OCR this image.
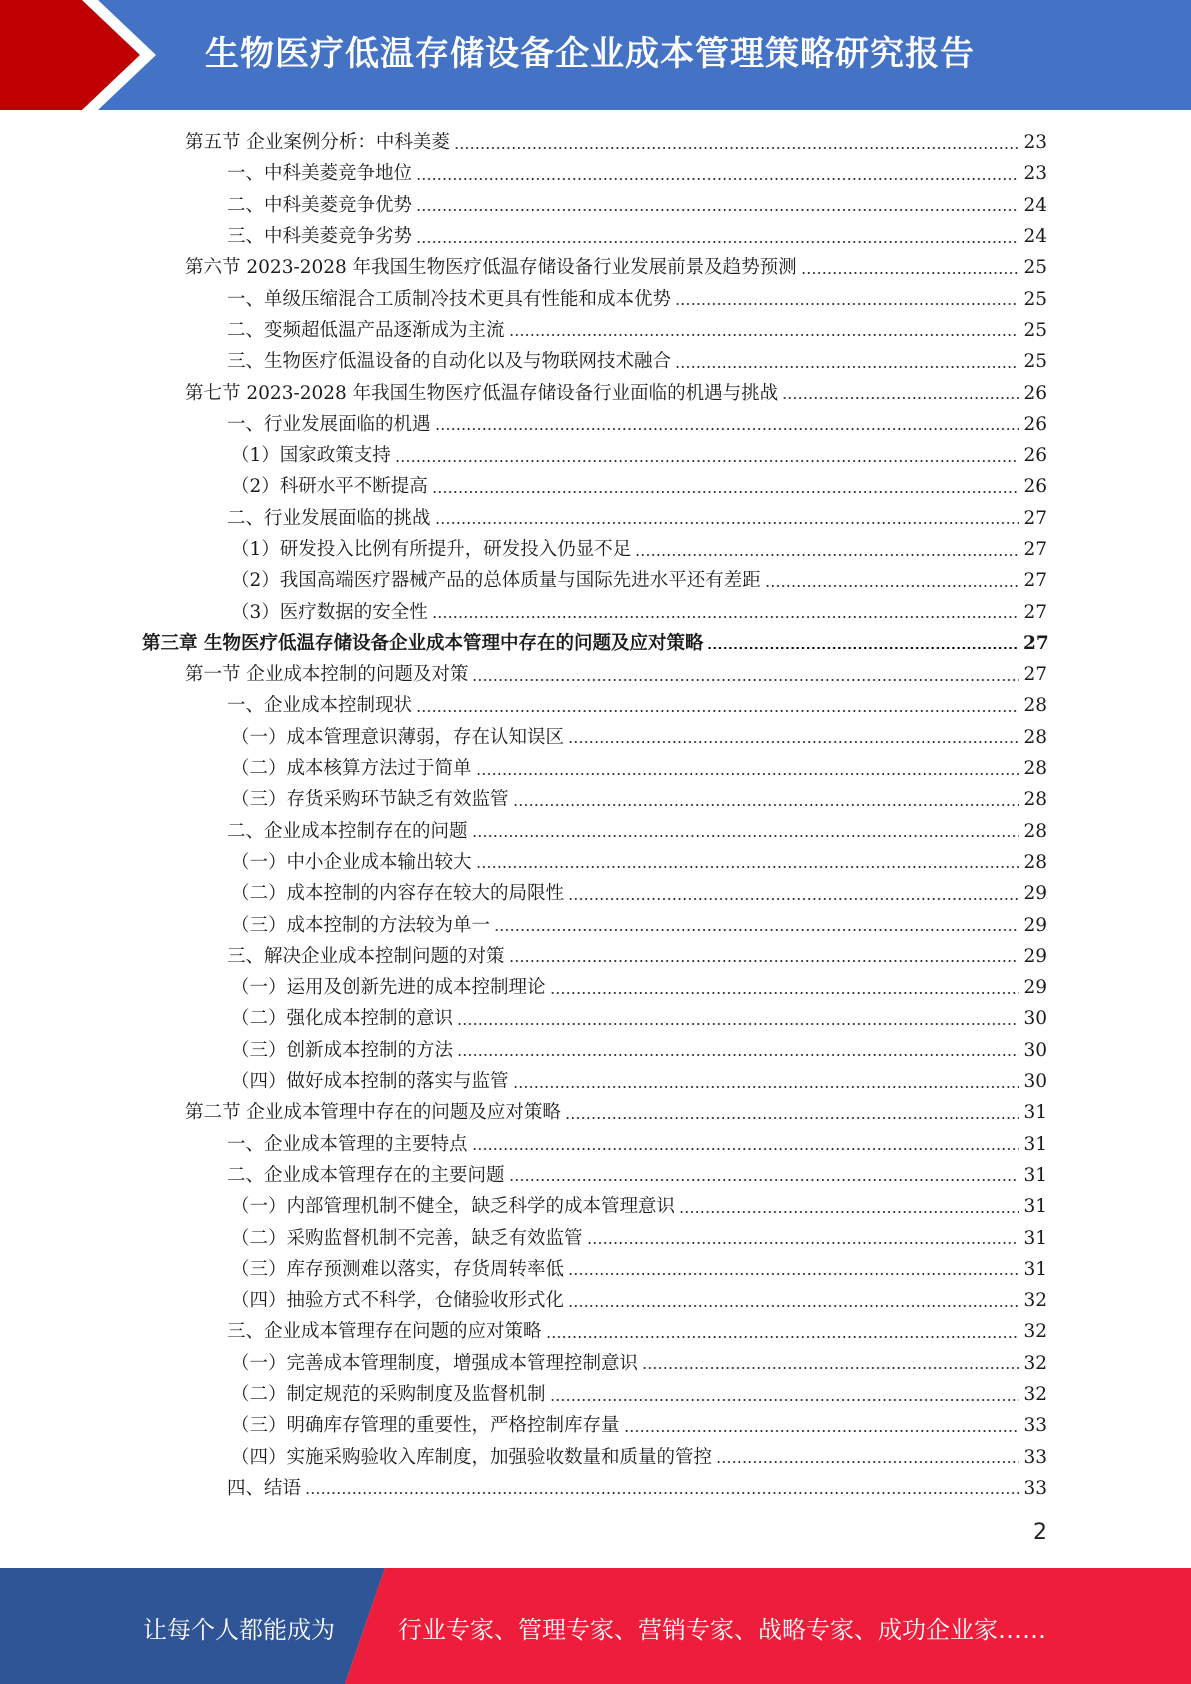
生物医疗低温存储设备企业成本管理策略研究报告
第五节 企业案例分析：中科美菱	23
一、中科美菱竞争地位	23
二、中科美菱竞争优势	24
三、中科美菱竞争劣势	24
第六节 2023-2028 年我国生物医疗低温存储设备行业发展前景及趋势预测	25
一、单级压缩混合工质制冷技术更具有性能和成本优势	25
二、变频超低温产品逐渐成为主流	25
三、生物医疗低温设备的自动化以及与物联网技术融合	25
第七节 2023-2028 年我国生物医疗低温存储设备行业面临的机遇与挑战	26
一、行业发展面临的机遇	26
（1）国家政策支持	26
（2）科研水平不断提高	26
二、行业发展面临的挑战	27
（1）研发投入比例有所提升，研发投入仍显不足	27
（2）我国高端医疗器械产品的总体质量与国际先进水平还有差距	27
（3）医疗数据的安全性	27
第三章 生物医疗低温存储设备企业成本管理中存在的问题及应对策略	27
第一节 企业成本控制的问题及对策	27
一、企业成本控制现状	28
（一）成本管理意识薄弱，存在认知误区	28
（二）成本核算方法过于简单	28
（三）存货采购环节缺乏有效监管	28
二、企业成本控制存在的问题	28
（一）中小企业成本输出较大	28
（二）成本控制的内容存在较大的局限性	29
（三）成本控制的方法较为单一	29
三、解决企业成本控制问题的对策	29
（一）运用及创新先进的成本控制理论	29
（二）强化成本控制的意识	30
（三）创新成本控制的方法	30
（四）做好成本控制的落实与监管	30
第二节 企业成本管理中存在的问题及应对策略	31
一、企业成本管理的主要特点	31
二、企业成本管理存在的主要问题	31
（一）内部管理机制不健全，缺乏科学的成本管理意识	31
（二）采购监督机制不完善，缺乏有效监管	31
（三）库存预测难以落实，存货周转率低	31
（四）抽验方式不科学，仓储验收形式化	32
三、企业成本管理存在问题的应对策略	32
（一）完善成本管理制度，增强成本管理控制意识	32
（二）制定规范的采购制度及监督机制	32
（三）明确库存管理的重要性，严格控制库存量	33
（四）实施采购验收入库制度，加强验收数量和质量的管控	33
四、结语	33
2
让每个人都能成为	行业专家、管理专家、营销专家、战略专家、成功企业家……
